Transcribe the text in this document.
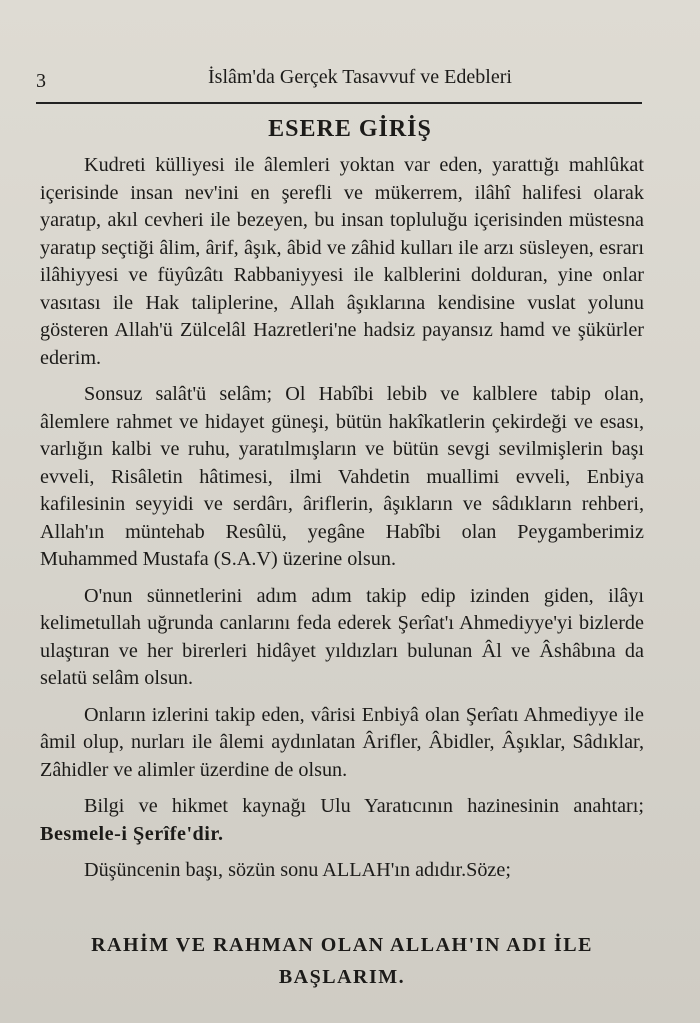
3	İslâm'da Gerçek Tasavvuf ve Edebleri
ESERE GİRİŞ

Kudreti külliyesi ile âlemleri yoktan var eden, yarattığı mahlûkat içerisinde insan nev'ini en şerefli ve mükerrem, ilâhî halifesi olarak yaratıp, akıl cevheri ile bezeyen, bu insan topluluğu içerisinden müstesna yaratıp seçtiği âlim, ârif, âşık, âbid ve zâhid kulları ile arzı süsleyen, esrarı ilâhiyyesi ve füyûzâtı Rabbaniyyesi ile kalblerini dolduran, yine onlar vasıtası ile Hak taliplerine, Allah âşıklarına kendisine vuslat yolunu gösteren Allah'ü Zülcelâl Hazretleri'ne hadsiz payansız hamd ve şükürler ederim.

Sonsuz salât'ü selâm; Ol Habîbi lebib ve kalblere tabip olan, âlemlere rahmet ve hidayet güneşi, bütün hakîkatlerin çekirdeği ve esası, varlığın kalbi ve ruhu, yaratılmışların ve bütün sevgi sevilmişlerin başı evveli, Risâletin hâtimesi, ilmi Vahdetin muallimi evveli, Enbiya kafilesinin seyyidi ve serdârı, âriflerin, âşıkların ve sâdıkların rehberi, Allah'ın müntehab Resûlü, yegâne Habîbi olan Peygamberimiz Muhammed Mustafa (S.A.V) üzerine olsun.

O'nun sünnetlerini adım adım takip edip izinden giden, ilâyı kelimetullah uğrunda canlarını feda ederek Şerîat'ı Ahmediyye'yi bizlerde ulaştıran ve her birerleri hidâyet yıldızları bulunan Âl ve Âshâbına da selatü selâm olsun.

Onların izlerini takip eden, vârisi Enbiyâ olan Şerîatı Ahmediyye ile âmil olup, nurları ile âlemi aydınlatan Ârifler, Âbidler, Âşıklar, Sâdıklar, Zâhidler ve alimler üzerdine de olsun.

Bilgi ve hikmet kaynağı Ulu Yaratıcının hazinesinin anahtarı; Besmele-i Şerîfe'dir.

Düşüncenin başı, sözün sonu ALLAH'ın adıdır.Söze;

RAHİM VE RAHMAN OLAN ALLAH'IN ADI İLE
BAŞLARIM.
